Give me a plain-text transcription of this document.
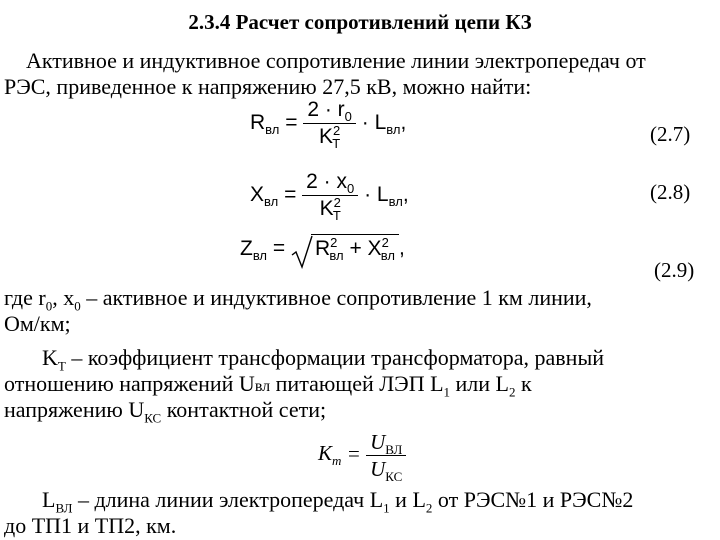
2.3.4 Расчет сопротивлений цепи КЗ
Активное и индуктивное сопротивление линии электропередач от
РЭС, приведенное к напряжению 27,5 кВ, можно найти:
$R_{вл} = \frac{2 \cdot r_0}{K^2_Т} \cdot L_{вл}$,	(2.7)
$X_{вл} = \frac{2 \cdot x_0}{K^2_Т} \cdot L_{вл}$,	(2.8)
$Z_{вл}$ =
$R^2_{вл} + X^2_{вл}$ ,
(2.9)
где $r_0$, $x_0$ – активное и индуктивное сопротивление 1 км линии,
Ом/км;
$K_Т$ – коэффициент трансформации трансформатора, равный
отношению напряжений Uвл питающей ЛЭП $L_1$ или $L_2$ к
напряжению $U_{КС}$ контактной сети;
$K_т = \frac{U_{ВЛ}}{U_{КС}}$
$L_{ВЛ}$ – длина линии электропередач $L_1$ и $L_2$ от РЭС№1 и РЭС№2
до ТП1 и ТП2, км.
